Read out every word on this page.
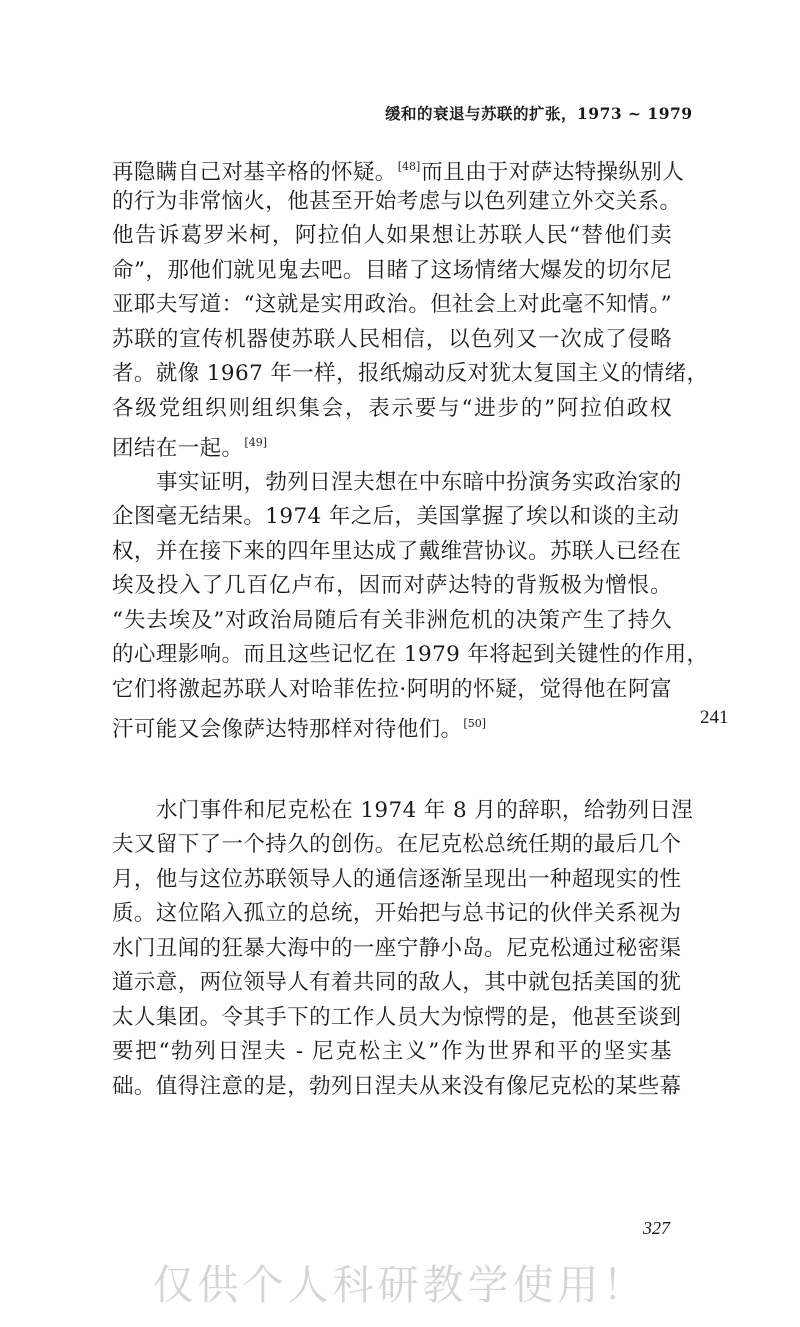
缓和的衰退与苏联的扩张，1973 ~ 1979
再隐瞒自己对基辛格的怀疑。[48]而且由于对萨达特操纵别人
的行为非常恼火，他甚至开始考虑与以色列建立外交关系。
他告诉葛罗米柯，阿拉伯人如果想让苏联人民“替他们卖
命”，那他们就见鬼去吧。目睹了这场情绪大爆发的切尔尼
亚耶夫写道：“这就是实用政治。但社会上对此毫不知情。”
苏联的宣传机器使苏联人民相信，以色列又一次成了侵略
者。就像 1967 年一样，报纸煽动反对犹太复国主义的情绪，
各级党组织则组织集会，表示要与“进步的”阿拉伯政权
团结在一起。[49]
事实证明，勃列日涅夫想在中东暗中扮演务实政治家的
企图毫无结果。1974 年之后，美国掌握了埃以和谈的主动
权，并在接下来的四年里达成了戴维营协议。苏联人已经在
埃及投入了几百亿卢布，因而对萨达特的背叛极为憎恨。
“失去埃及”对政治局随后有关非洲危机的决策产生了持久
的心理影响。而且这些记忆在 1979 年将起到关键性的作用，
它们将激起苏联人对哈菲佐拉·阿明的怀疑，觉得他在阿富
汗可能又会像萨达特那样对待他们。[50]
水门事件和尼克松在 1974 年 8 月的辞职，给勃列日涅
夫又留下了一个持久的创伤。在尼克松总统任期的最后几个
月，他与这位苏联领导人的通信逐渐呈现出一种超现实的性
质。这位陷入孤立的总统，开始把与总书记的伙伴关系视为
水门丑闻的狂暴大海中的一座宁静小岛。尼克松通过秘密渠
道示意，两位领导人有着共同的敌人，其中就包括美国的犹
太人集团。令其手下的工作人员大为惊愕的是，他甚至谈到
要把“勃列日涅夫 - 尼克松主义”作为世界和平的坚实基
础。值得注意的是，勃列日涅夫从来没有像尼克松的某些幕
241
327
仅供个人科研教学使用！
